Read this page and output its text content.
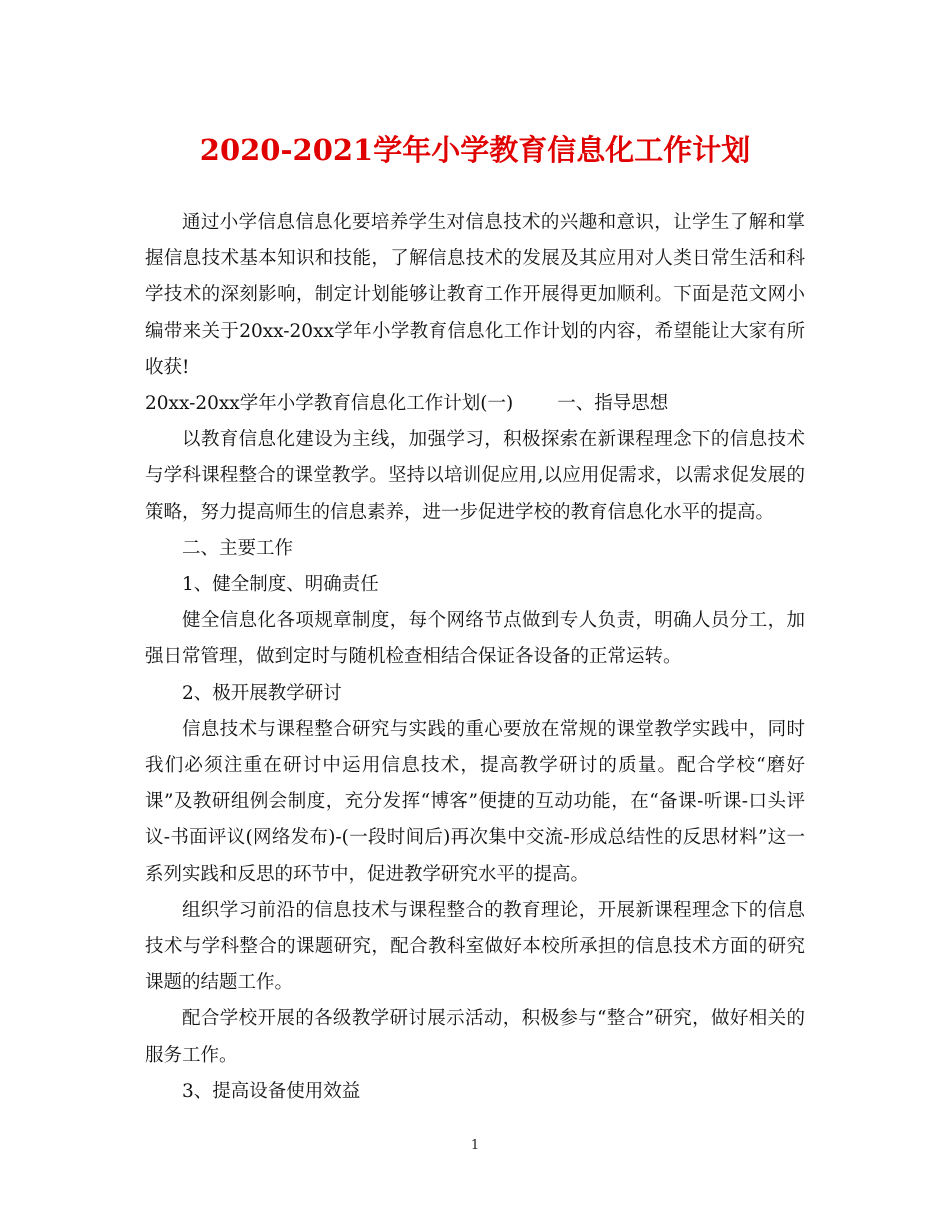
2020-2021学年小学教育信息化工作计划

通过小学信息信息化要培养学生对信息技术的兴趣和意识，让学生了解和掌握信息技术基本知识和技能，了解信息技术的发展及其应用对人类日常生活和科学技术的深刻影响，制定计划能够让教育工作开展得更加顺利。下面是范文网小编带来关于20xx-20xx学年小学教育信息化工作计划的内容，希望能让大家有所收获!

20xx-20xx学年小学教育信息化工作计划(一) 一、指导思想

以教育信息化建设为主线，加强学习，积极探索在新课程理念下的信息技术与学科课程整合的课堂教学。坚持以培训促应用,以应用促需求，以需求促发展的策略，努力提高师生的信息素养，进一步促进学校的教育信息化水平的提高。

二、主要工作

1、健全制度、明确责任

健全信息化各项规章制度，每个网络节点做到专人负责，明确人员分工，加强日常管理，做到定时与随机检查相结合保证各设备的正常运转。

2、极开展教学研讨

信息技术与课程整合研究与实践的重心要放在常规的课堂教学实践中，同时我们必须注重在研讨中运用信息技术，提高教学研讨的质量。配合学校“磨好课”及教研组例会制度，充分发挥“博客”便捷的互动功能，在“备课-听课-口头评议-书面评议(网络发布)-(一段时间后)再次集中交流-形成总结性的反思材料”这一系列实践和反思的环节中，促进教学研究水平的提高。

组织学习前沿的信息技术与课程整合的教育理论，开展新课程理念下的信息技术与学科整合的课题研究，配合教科室做好本校所承担的信息技术方面的研究课题的结题工作。

配合学校开展的各级教学研讨展示活动，积极参与“整合”研究，做好相关的服务工作。

3、提高设备使用效益

1
